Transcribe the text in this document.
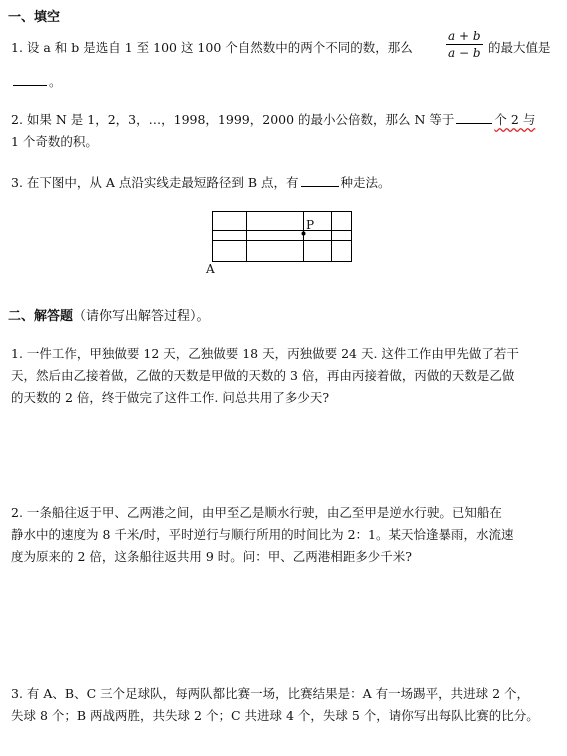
一、填空
1. 设 a 和 b 是选自 1 至 100 这 100 个自然数中的两个不同的数，那么	$\frac{a + b}{a - b}$ 的最大值是
。
2. 如果 N 是 1，2，3，…，1998，1999，2000 的最小公倍数，那么 N 等于	个 2 与
1 个奇数的积。
3. 在下图中，从 A 点沿实线走最短路径到 B 点，有	种走法。
P
A
二、解答题（请你写出解答过程）。
1. 一件工作，甲独做要 12 天，乙独做要 18 天，丙独做要 24 天. 这件工作由甲先做了若干
天，然后由乙接着做，乙做的天数是甲做的天数的 3 倍，再由丙接着做，丙做的天数是乙做
的天数的 2 倍，终于做完了这件工作. 问总共用了多少天?
2. 一条船往返于甲、乙两港之间，由甲至乙是顺水行驶，由乙至甲是逆水行驶。已知船在
静水中的速度为 8 千米/时，平时逆行与顺行所用的时间比为 2：1。某天恰逢暴雨，水流速
度为原来的 2 倍，这条船往返共用 9 时。问：甲、乙两港相距多少千米?
3. 有 A、B、C 三个足球队，每两队都比赛一场，比赛结果是：A 有一场踢平，共进球 2 个，
失球 8 个；B 两战两胜，共失球 2 个；C 共进球 4 个，失球 5 个，请你写出每队比赛的比分。
